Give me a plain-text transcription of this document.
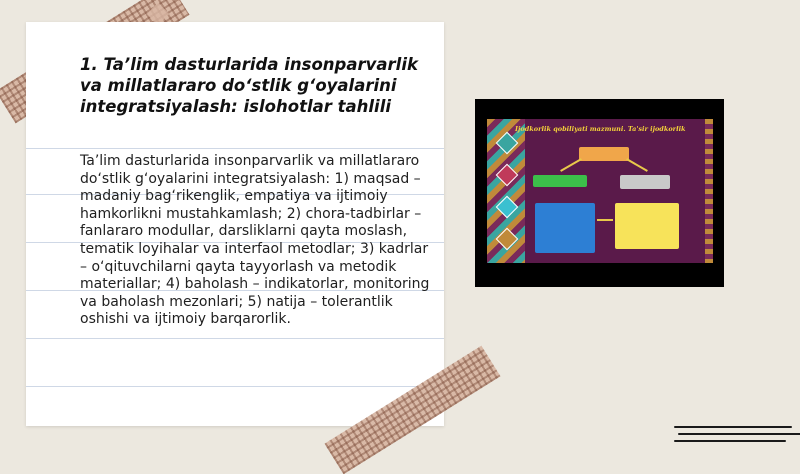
1. Ta’lim dasturlarida insonparvarlik va millatlararo do‘stlik g‘oyalarini integratsiyalash: islohotlar tahlili

Ta’lim dasturlarida insonparvarlik va millatlararo do‘stlik g‘oyalarini integratsiyalash: 1) maqsad – madaniy bag‘rikenglik, empatiya va ijtimoiy hamkorlikni mustahkamlash; 2) chora-tadbirlar – fanlararo modullar, darsliklarni qayta moslash, tematik loyihalar va interfaol metodlar; 3) kadrlar – o‘qituvchilarni qayta tayyorlash va metodik materiallar; 4) baholash – indikatorlar, monitoring va baholash mezonlari; 5) natija – tolerantlik oshishi va ijtimoiy barqarorlik.

Ijodkorlik qobiliyati mazmuni. Ta'sir ijodkorlik
